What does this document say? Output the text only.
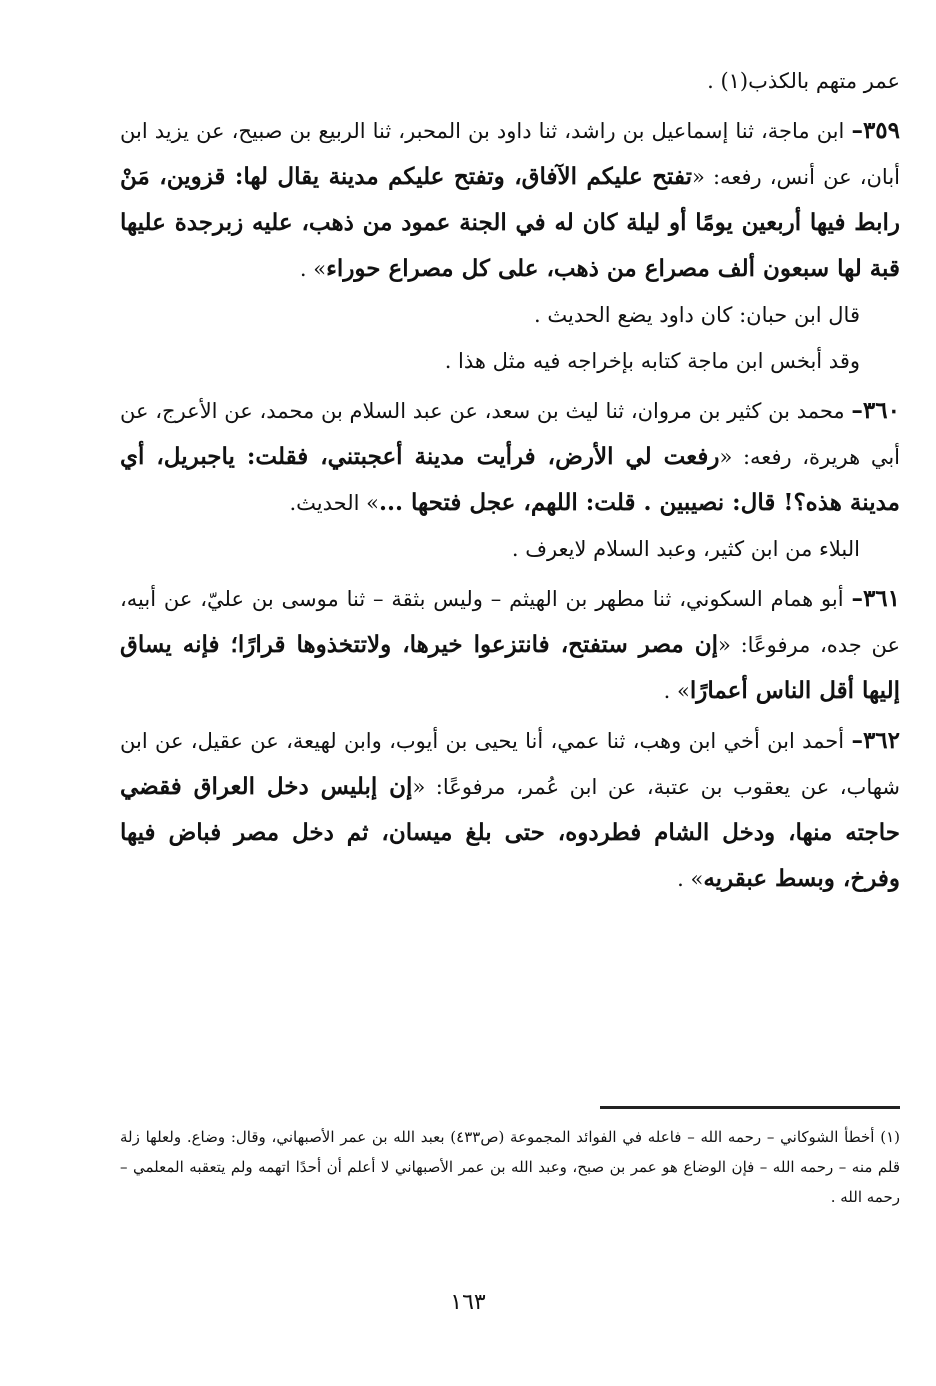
عمر متهم بالكذب(١) .

٣٥٩– ابن ماجة، ثنا إسماعيل بن راشد، ثنا داود بن المحبر، ثنا الربيع بن صبيح، عن يزيد ابن أبان، عن أنس، رفعه: «تفتح عليكم الآفاق، وتفتح عليكم مدينة يقال لها: قزوين، مَنْ رابط فيها أربعين يومًا أو ليلة كان له في الجنة عمود من ذهب، عليه زبرجدة عليها قبة لها سبعون ألف مصراع من ذهب، على كل مصراع حوراء» .

قال ابن حبان: كان داود يضع الحديث .

وقد أبخس ابن ماجة كتابه بإخراجه فيه مثل هذا .

٣٦٠– محمد بن كثير بن مروان، ثنا ليث بن سعد، عن عبد السلام بن محمد، عن الأعرج، عن أبي هريرة، رفعه: «رفعت لي الأرض، فرأيت مدينة أعجبتني، فقلت: ياجبريل، أي مدينة هذه؟! قال: نصيبين . قلت: اللهم، عجل فتحها ...» الحديث.

البلاء من ابن كثير، وعبد السلام لايعرف .

٣٦١– أبو همام السكوني، ثنا مطهر بن الهيثم – وليس بثقة – ثنا موسى بن عليّ، عن أبيه، عن جده، مرفوعًا: «إن مصر ستفتح، فانتزعوا خيرها، ولاتتخذوها قرارًا؛ فإنه يساق إليها أقل الناس أعمارًا» .

٣٦٢– أحمد ابن أخي ابن وهب، ثنا عمي، أنا يحيى بن أيوب، وابن لهيعة، عن عقيل، عن ابن شهاب، عن يعقوب بن عتبة، عن ابن عُمر، مرفوعًا: «إن إبليس دخل العراق فقضي حاجته منها، ودخل الشام فطردوه، حتى بلغ ميسان، ثم دخل مصر فباض فيها وفرخ، وبسط عبقريه» .

(١) أخطأ الشوكاني – رحمه الله – فاعله في الفوائد المجموعة (ص٤٣٣) بعبد الله بن عمر الأصبهاني، وقال: وضاع. ولعلها زلة قلم منه – رحمه الله – فإن الوضاع هو عمر بن صبح، وعبد الله بن عمر الأصبهاني لا أعلم أن أحدًا اتهمه ولم يتعقبه المعلمي – رحمه الله .

١٦٣
